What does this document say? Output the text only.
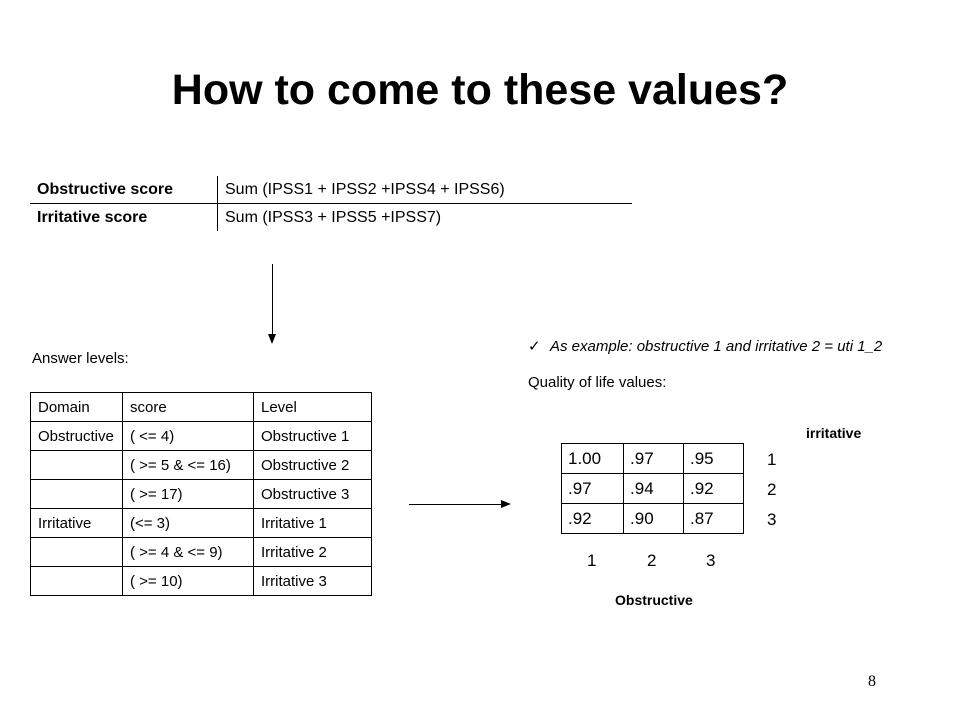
How to come to these values?
Obstructive score	Sum (IPSS1 + IPSS2 +IPSS4 + IPSS6)
Irritative score	Sum (IPSS3 + IPSS5 +IPSS7)
Answer levels:
Domain	score	Level
Obstructive	( <= 4)	Obstructive 1
	( >= 5 & <= 16)	Obstructive 2
	( >= 17)	Obstructive 3
Irritative	(<= 3)	Irritative 1
	( >= 4 & <= 9)	Irritative 2
	( >= 10)	Irritative 3
✓ As example: obstructive 1 and irritative 2 = uti 1_2
Quality of life values:
irritative
1.00	.97	.95
.97	.94	.92
.92	.90	.87
1
2
3
1	2	3
Obstructive
8
